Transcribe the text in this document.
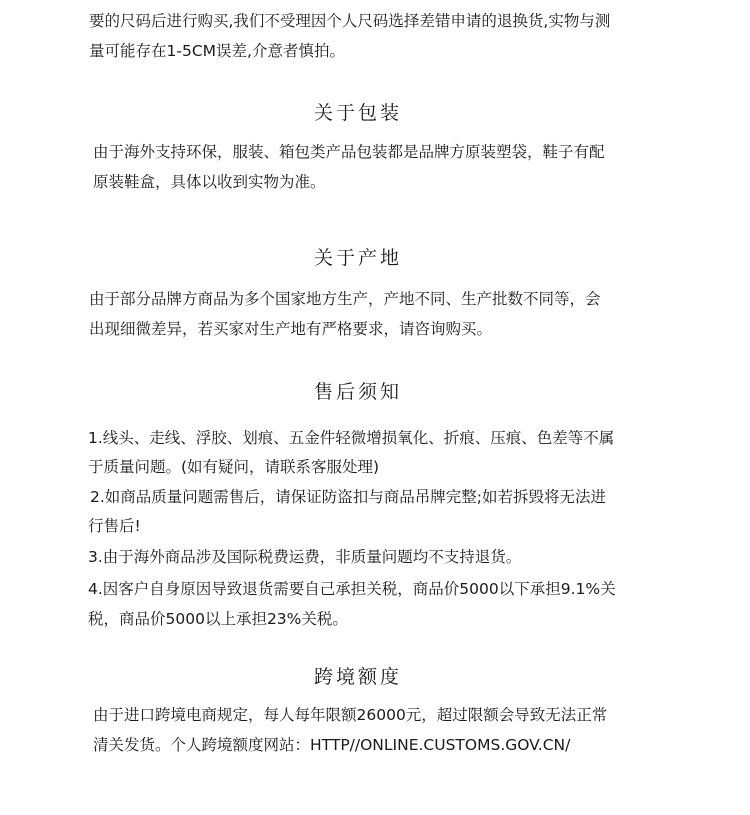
要的尺码后进行购买,我们不受理因个人尺码选择差错申请的退换货,实物与测
量可能存在1-5CM误差,介意者慎拍。
关于包装
由于海外支持环保，服装、箱包类产品包装都是品牌方原装塑袋，鞋子有配
原装鞋盒，具体以收到实物为准。
关于产地
由于部分品牌方商品为多个国家地方生产，产地不同、生产批数不同等，会
出现细微差异，若买家对生产地有严格要求，请咨询购买。
售后须知
1.线头、走线、浮胶、划痕、五金件轻微增损氧化、折痕、压痕、色差等不属
于质量问题。(如有疑问，请联系客服处理)
2.如商品质量问题需售后，请保证防盗扣与商品吊牌完整;如若拆毁将无法进
行售后!
3.由于海外商品涉及国际税费运费，非质量问题均不支持退货。
4.因客户自身原因导致退货需要自己承担关税，商品价5000以下承担9.1%关
税，商品价5000以上承担23%关税。
跨境额度
由于进口跨境电商规定，每人每年限额26000元，超过限额会导致无法正常
清关发货。个人跨境额度网站：HTTP//ONLINE.CUSTOMS.GOV.CN/
